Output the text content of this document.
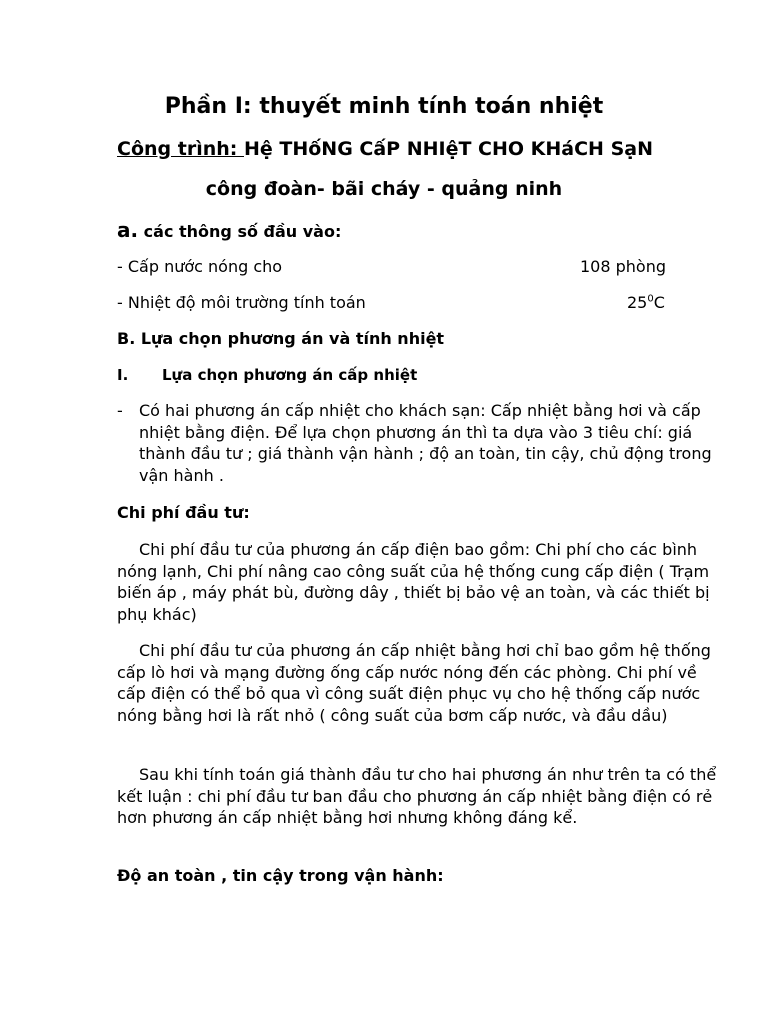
Phần I: thuyết minh tính toán nhiệt
Công trình: Hệ THốNG CấP NHIệT CHO KHáCH SạN
công đoàn- bãi cháy - quảng ninh
a. các thông số đầu vào:
- Cấp nước nóng cho	108 phòng
- Nhiệt độ môi trường tính toán	$25^0C$
B. Lựa chọn phương án và tính nhiệt
I. Lựa chọn phương án cấp nhiệt
-	Có hai phương án cấp nhiệt cho khách sạn: Cấp nhiệt bằng hơi và cấp nhiệt bằng điện. Để lựa chọn phương án thì ta dựa vào 3 tiêu chí: giá thành đầu tư ; giá thành vận hành ; độ an toàn, tin cậy, chủ động trong vận hành .
Chi phí đầu tư:
Chi phí đầu tư của phương án cấp điện bao gồm: Chi phí cho các bình nóng lạnh, Chi phí nâng cao công suất của hệ thống cung cấp điện ( Trạm biến áp , máy phát bù, đường dây , thiết bị bảo vệ an toàn, và các thiết bị phụ khác)
Chi phí đầu tư của phương án cấp nhiệt bằng hơi chỉ bao gồm hệ thống cấp lò hơi và mạng đường ống cấp nước nóng đến các phòng. Chi phí về cấp điện có thể bỏ qua vì công suất điện phục vụ cho hệ thống cấp nước nóng bằng hơi là rất nhỏ ( công suất của bơm cấp nước, và đầu dầu)
Sau khi tính toán giá thành đầu tư cho hai phương án như trên ta có thể kết luận : chi phí đầu tư ban đầu cho phương án cấp nhiệt bằng điện có rẻ hơn phương án cấp nhiệt bằng hơi nhưng không đáng kể.
Độ an toàn , tin cậy trong vận hành:
